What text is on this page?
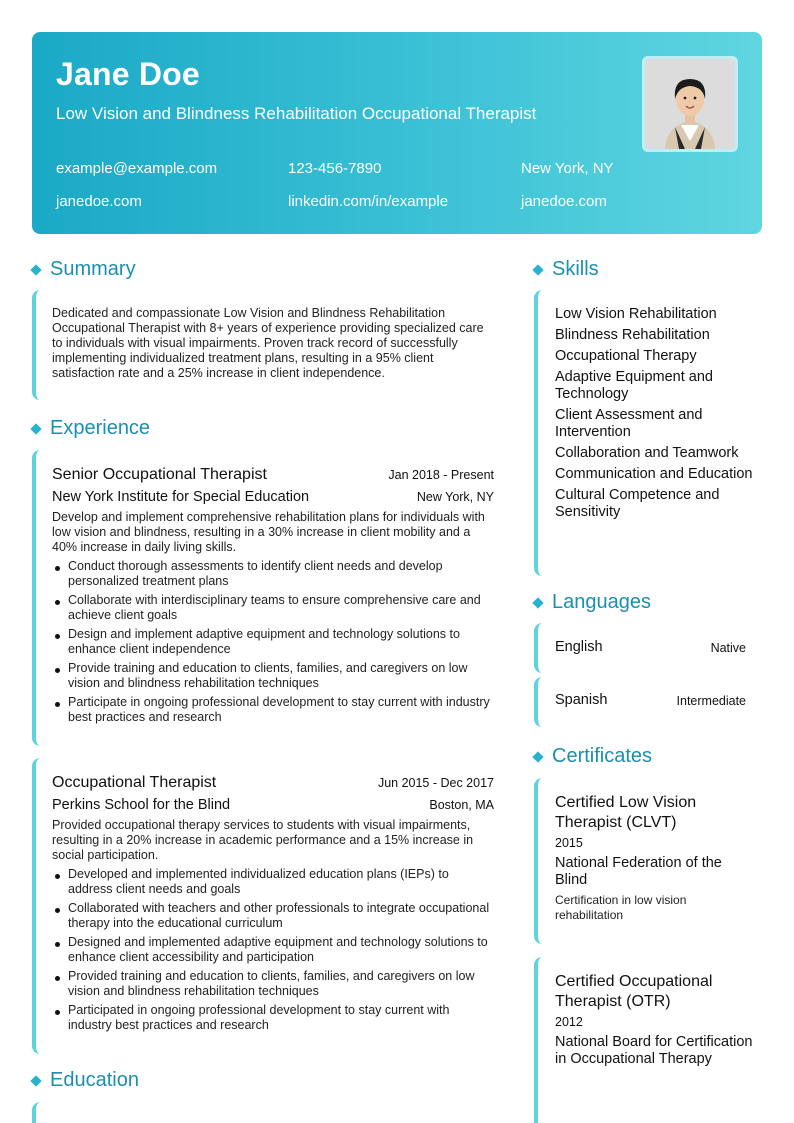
Jane Doe
Low Vision and Blindness Rehabilitation Occupational Therapist
example@example.com	123-456-7890	New York, NY
janedoe.com	linkedin.com/in/example	janedoe.com
Summary
Dedicated and compassionate Low Vision and Blindness Rehabilitation Occupational Therapist with 8+ years of experience providing specialized care to individuals with visual impairments. Proven track record of successfully implementing individualized treatment plans, resulting in a 95% client satisfaction rate and a 25% increase in client independence.
Experience
Senior Occupational Therapist	Jan 2018 - Present
New York Institute for Special Education	New York, NY
Develop and implement comprehensive rehabilitation plans for individuals with low vision and blindness, resulting in a 30% increase in client mobility and a 40% increase in daily living skills.
Conduct thorough assessments to identify client needs and develop personalized treatment plans
Collaborate with interdisciplinary teams to ensure comprehensive care and achieve client goals
Design and implement adaptive equipment and technology solutions to enhance client independence
Provide training and education to clients, families, and caregivers on low vision and blindness rehabilitation techniques
Participate in ongoing professional development to stay current with industry best practices and research
Occupational Therapist	Jun 2015 - Dec 2017
Perkins School for the Blind	Boston, MA
Provided occupational therapy services to students with visual impairments, resulting in a 20% increase in academic performance and a 15% increase in social participation.
Developed and implemented individualized education plans (IEPs) to address client needs and goals
Collaborated with teachers and other professionals to integrate occupational therapy into the educational curriculum
Designed and implemented adaptive equipment and technology solutions to enhance client accessibility and participation
Provided training and education to clients, families, and caregivers on low vision and blindness rehabilitation techniques
Participated in ongoing professional development to stay current with industry best practices and research
Education
Skills
Low Vision Rehabilitation
Blindness Rehabilitation
Occupational Therapy
Adaptive Equipment and Technology
Client Assessment and Intervention
Collaboration and Teamwork
Communication and Education
Cultural Competence and Sensitivity
Languages
English	Native
Spanish	Intermediate
Certificates
Certified Low Vision Therapist (CLVT)
2015
National Federation of the Blind
Certification in low vision rehabilitation
Certified Occupational Therapist (OTR)
2012
National Board for Certification in Occupational Therapy
